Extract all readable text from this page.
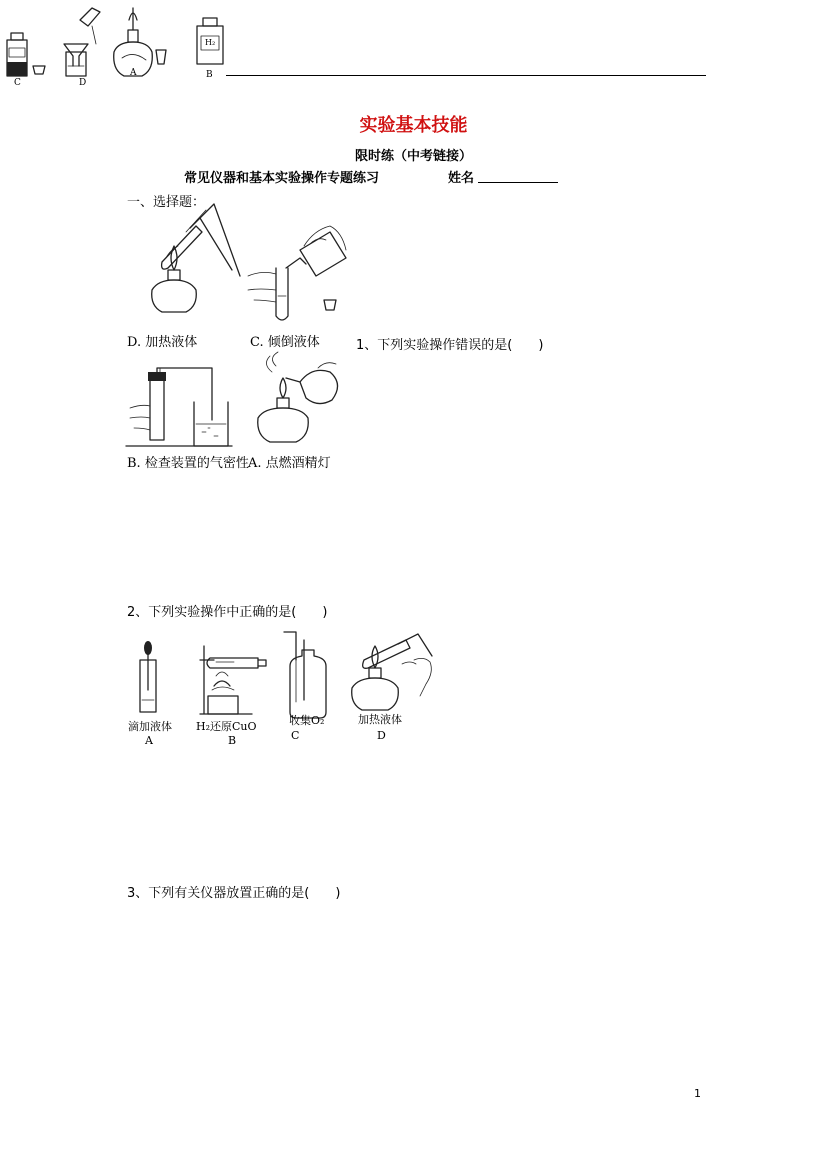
C	D
A	B
H₂
实验基本技能
限时练（中考链接）
常见仪器和基本实验操作专题练习	姓名
一、选择题：
D. 加热液体	C. 倾倒液体	1、下列实验操作错误的是(　　)
B. 检查装置的气密性 A. 点燃酒精灯
2、下列实验操作中正确的是(　　)
滴加液体 H₂还原CuO	收集O₂	加热液体
A	B	C	D
3、下列有关仪器放置正确的是(　　)
1
